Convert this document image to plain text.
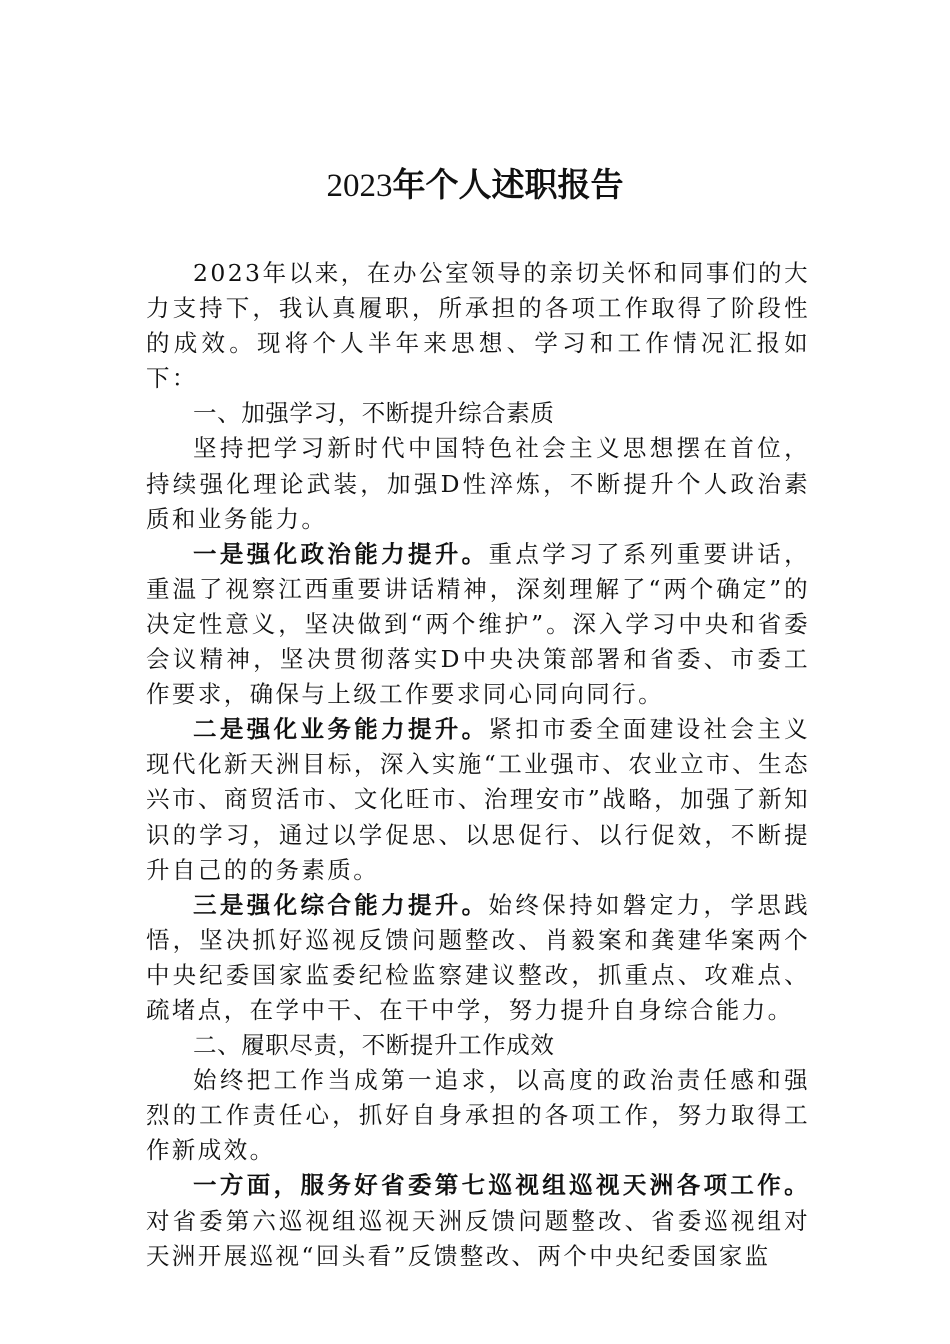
2023年个人述职报告

2023年以来，在办公室领导的亲切关怀和同事们的大力支持下，我认真履职，所承担的各项工作取得了阶段性的成效。现将个人半年来思想、学习和工作情况汇报如下：

一、加强学习，不断提升综合素质

坚持把学习新时代中国特色社会主义思想摆在首位，持续强化理论武装，加强D性淬炼，不断提升个人政治素质和业务能力。

一是强化政治能力提升。重点学习了系列重要讲话，重温了视察江西重要讲话精神，深刻理解了“两个确定”的决定性意义，坚决做到“两个维护”。深入学习中央和省委会议精神，坚决贯彻落实D中央决策部署和省委、市委工作要求，确保与上级工作要求同心同向同行。

二是强化业务能力提升。紧扣市委全面建设社会主义现代化新天洲目标，深入实施“工业强市、农业立市、生态兴市、商贸活市、文化旺市、治理安市”战略，加强了新知识的学习，通过以学促思、以思促行、以行促效，不断提升自己的的务素质。

三是强化综合能力提升。始终保持如磐定力，学思践悟，坚决抓好巡视反馈问题整改、肖毅案和龚建华案两个中央纪委国家监委纪检监察建议整改，抓重点、攻难点、疏堵点，在学中干、在干中学，努力提升自身综合能力。

二、履职尽责，不断提升工作成效

始终把工作当成第一追求，以高度的政治责任感和强烈的工作责任心，抓好自身承担的各项工作，努力取得工作新成效。

一方面，服务好省委第七巡视组巡视天洲各项工作。对省委第六巡视组巡视天洲反馈问题整改、省委巡视组对天洲开展巡视“回头看”反馈整改、两个中央纪委国家监
